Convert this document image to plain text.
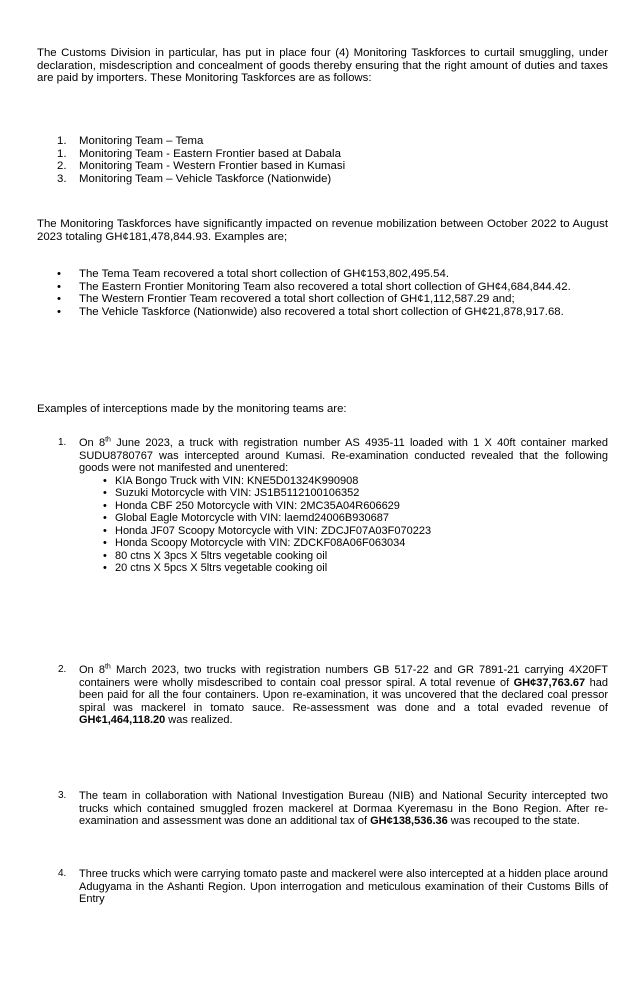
The Customs Division in particular, has put in place four (4) Monitoring Taskforces to curtail smuggling, under declaration, misdescription and concealment of goods thereby ensuring that the right amount of duties and taxes are paid by importers. These Monitoring Taskforces are as follows:

1. Monitoring Team – Tema
1. Monitoring Team - Eastern Frontier based at Dabala
2. Monitoring Team - Western Frontier based in Kumasi
3. Monitoring Team – Vehicle Taskforce (Nationwide)

The Monitoring Taskforces have significantly impacted on revenue mobilization between October 2022 to August 2023 totaling GH¢181,478,844.93. Examples are;

• The Tema Team recovered a total short collection of GH¢153,802,495.54.
• The Eastern Frontier Monitoring Team also recovered a total short collection of GH¢4,684,844.42.
• The Western Frontier Team recovered a total short collection of GH¢1,112,587.29 and;
• The Vehicle Taskforce (Nationwide) also recovered a total short collection of GH¢21,878,917.68.

Examples of interceptions made by the monitoring teams are:

1. On 8th June 2023, a truck with registration number AS 4935-11 loaded with 1 X 40ft container marked SUDU8780767 was intercepted around Kumasi. Re-examination conducted revealed that the following goods were not manifested and unentered:
• KIA Bongo Truck with VIN: KNE5D01324K990908
• Suzuki Motorcycle with VIN: JS1B5112100106352
• Honda CBF 250 Motorcycle with VIN: 2MC35A04R606629
• Global Eagle Motorcycle with VIN: laemd24006B930687
• Honda JF07 Scoopy Motorcycle with VIN: ZDCJF07A03F070223
• Honda Scoopy Motorcycle with VIN: ZDCKF08A06F063034
• 80 ctns X 3pcs X 5ltrs vegetable cooking oil
• 20 ctns X 5pcs X 5ltrs vegetable cooking oil
2. On 8th March 2023, two trucks with registration numbers GB 517-22 and GR 7891-21 carrying 4X20FT containers were wholly misdescribed to contain coal pressor spiral. A total revenue of GH¢37,763.67 had been paid for all the four containers. Upon re-examination, it was uncovered that the declared coal pressor spiral was mackerel in tomato sauce. Re-assessment was done and a total evaded revenue of GH¢1,464,118.20 was realized.
3. The team in collaboration with National Investigation Bureau (NIB) and National Security intercepted two trucks which contained smuggled frozen mackerel at Dormaa Kyeremasu in the Bono Region. After re-examination and assessment was done an additional tax of GH¢138,536.36 was recouped to the state.
4. Three trucks which were carrying tomato paste and mackerel were also intercepted at a hidden place around Adugyama in the Ashanti Region. Upon interrogation and meticulous examination of their Customs Bills of Entry
